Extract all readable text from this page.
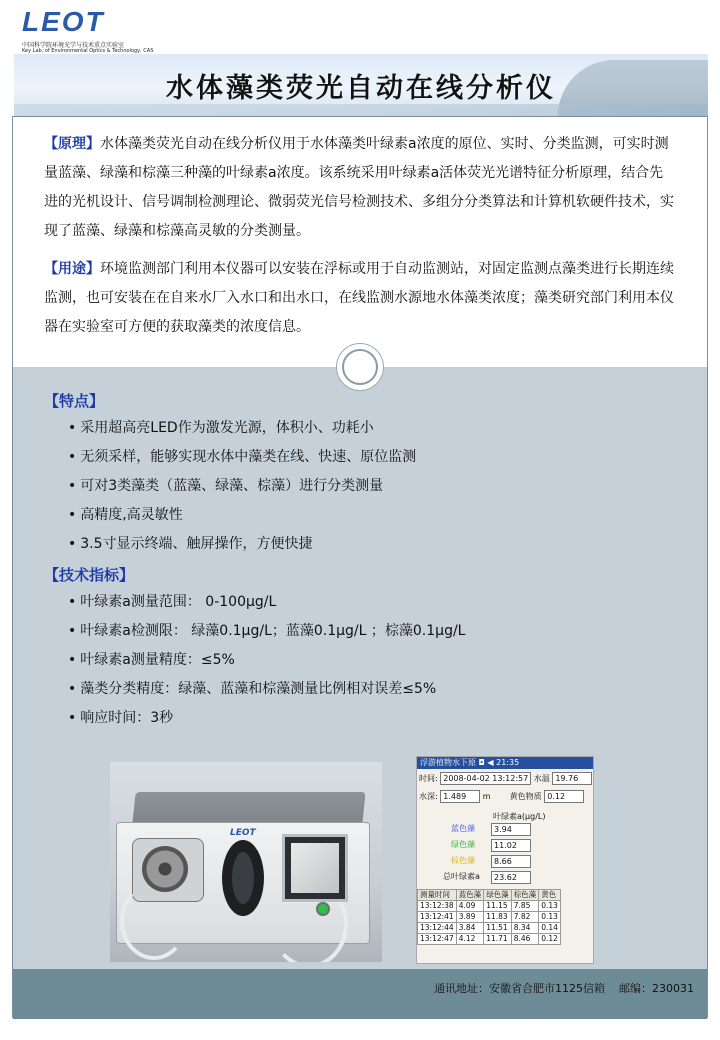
LEOT
中国科学院环境光学与技术重点实验室
Key Lab. of Environmental Optics & Technology, CAS
水体藻类荧光自动在线分析仪
【原理】水体藻类荧光自动在线分析仪用于水体藻类叶绿素a浓度的原位、实时、分类监测，可实时测量蓝藻、绿藻和棕藻三种藻的叶绿素a浓度。该系统采用叶绿素a活体荧光光谱特征分析原理，结合先进的光机设计、信号调制检测理论、微弱荧光信号检测技术、多组分分类算法和计算机软硬件技术，实现了蓝藻、绿藻和棕藻高灵敏的分类测量。
【用途】环境监测部门利用本仪器可以安装在浮标或用于自动监测站，对固定监测点藻类进行长期连续监测，也可安装在在自来水厂入水口和出水口，在线监测水源地水体藻类浓度；藻类研究部门利用本仪器在实验室可方便的获取藻类的浓度信息。
【特点】
• 采用超高亮LED作为激发光源，体积小、功耗小
• 无须采样，能够实现水体中藻类在线、快速、原位监测
• 可对3类藻类（蓝藻、绿藻、棕藻）进行分类测量
• 高精度,高灵敏性
• 3.5寸显示终端、触屏操作，方便快捷
【技术指标】
• 叶绿素a测量范围： 0-100μg/L
• 叶绿素a检测限： 绿藻0.1μg/L；蓝藻0.1μg/L ；棕藻0.1μg/L
• 叶绿素a测量精度：≤5%
• 藻类分类精度：绿藻、蓝藻和棕藻测量比例相对误差≤5%
• 响应时间：3秒
LEOT
浮游植物水下原 ◘ ◀ 21:35
时间: 2008-04-02 13:12:57 水温 19.76
水深: 1.489 m 黄色物质 0.12
叶绿素a(μg/L)
蓝色藻	3.94
绿色藻	11.02
棕色藻	8.66
总叶绿素a	23.62
测量时间	蓝色藻	绿色藻	棕色藻	黄色
13:12:38	4.09	11.15	7.85	0.13
13:12:41	3.89	11.83	7.82	0.13
13:12:44	3.84	11.51	8.34	0.14
13:12:47	4.12	11.71	8.46	0.12
通讯地址：安徽省合肥市1125信箱 邮编：230031
